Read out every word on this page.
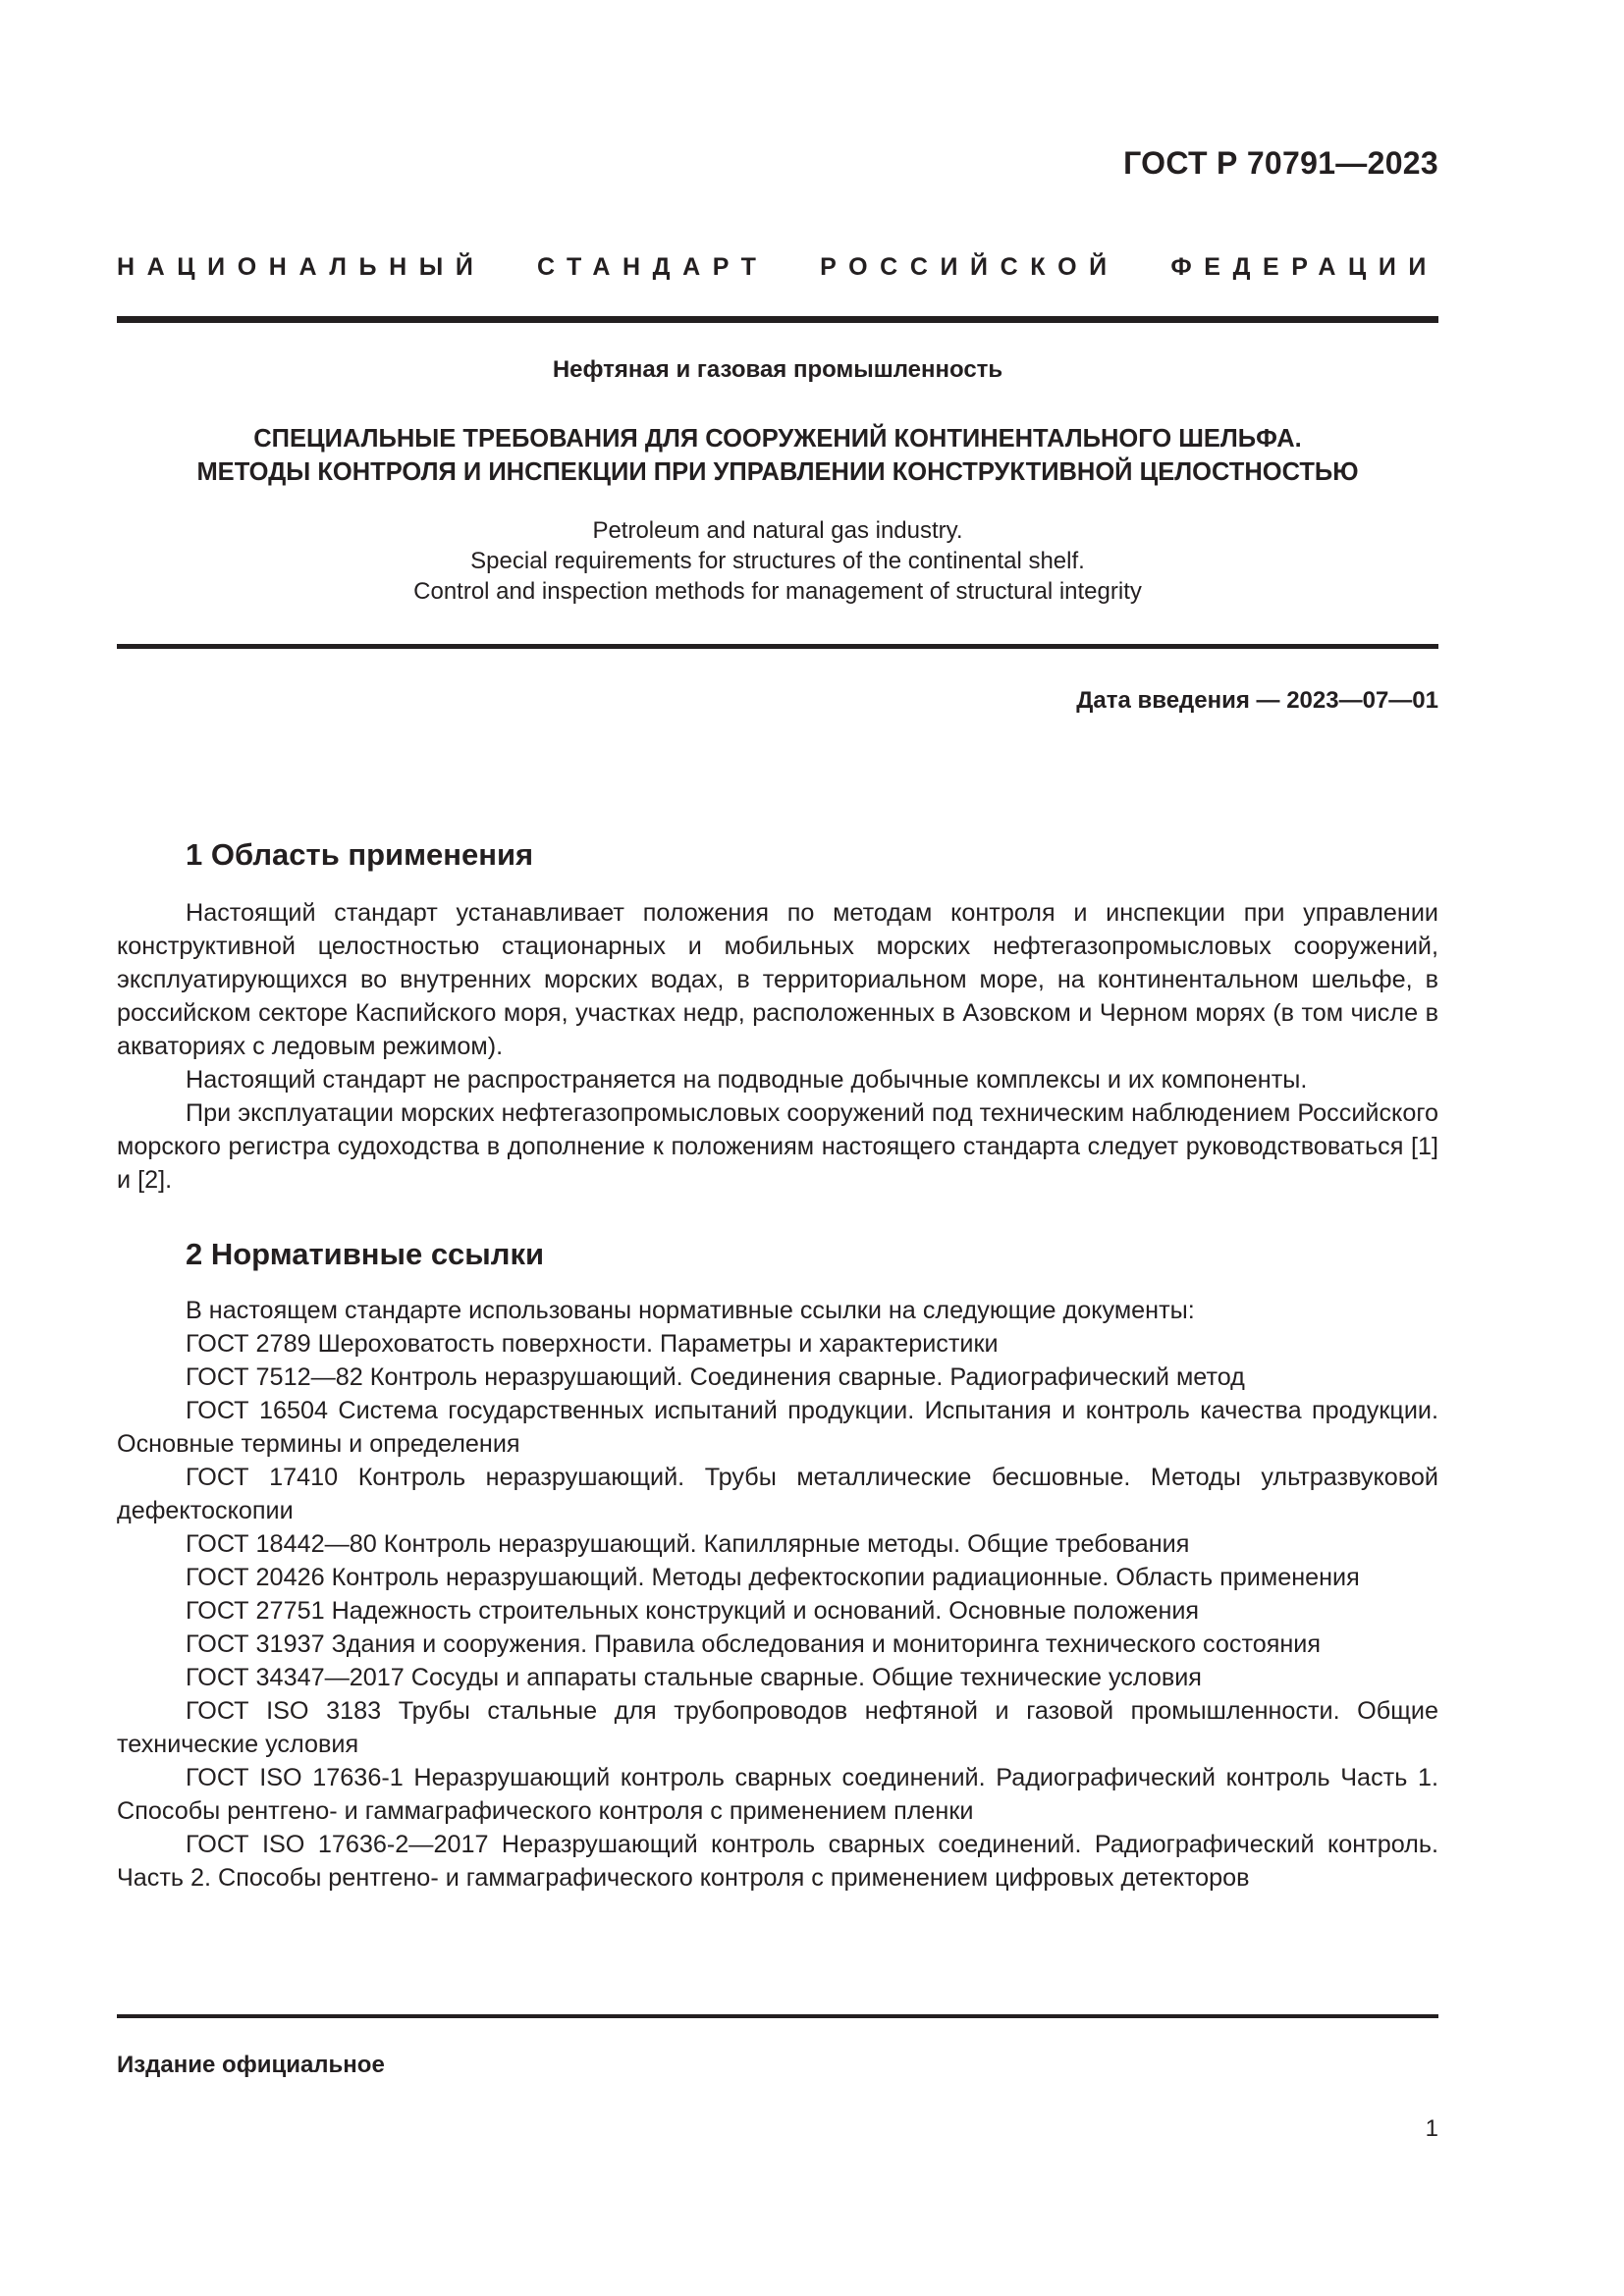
ГОСТ Р 70791—2023
НАЦИОНАЛЬНЫЙ СТАНДАРТ РОССИЙСКОЙ ФЕДЕРАЦИИ
Нефтяная и газовая промышленность
СПЕЦИАЛЬНЫЕ ТРЕБОВАНИЯ ДЛЯ СООРУЖЕНИЙ КОНТИНЕНТАЛЬНОГО ШЕЛЬФА.
МЕТОДЫ КОНТРОЛЯ И ИНСПЕКЦИИ ПРИ УПРАВЛЕНИИ КОНСТРУКТИВНОЙ ЦЕЛОСТНОСТЬЮ
Petroleum and natural gas industry.
Special requirements for structures of the continental shelf.
Control and inspection methods for management of structural integrity
Дата введения — 2023—07—01
1 Область применения

Настоящий стандарт устанавливает положения по методам контроля и инспекции при управлении конструктивной целостностью стационарных и мобильных морских нефтегазопромысловых сооружений, эксплуатирующихся во внутренних морских водах, в территориальном море, на континентальном шельфе, в российском секторе Каспийского моря, участках недр, расположенных в Азовском и Черном морях (в том числе в акваториях с ледовым режимом).

Настоящий стандарт не распространяется на подводные добычные комплексы и их компоненты.

При эксплуатации морских нефтегазопромысловых сооружений под техническим наблюдением Российского морского регистра судоходства в дополнение к положениям настоящего стандарта следует руководствоваться [1] и [2].

2 Нормативные ссылки

В настоящем стандарте использованы нормативные ссылки на следующие документы:

ГОСТ 2789 Шероховатость поверхности. Параметры и характеристики

ГОСТ 7512—82 Контроль неразрушающий. Соединения сварные. Радиографический метод

ГОСТ 16504 Система государственных испытаний продукции. Испытания и контроль качества продукции. Основные термины и определения

ГОСТ 17410 Контроль неразрушающий. Трубы металлические бесшовные. Методы ультразвуковой дефектоскопии

ГОСТ 18442—80 Контроль неразрушающий. Капиллярные методы. Общие требования

ГОСТ 20426 Контроль неразрушающий. Методы дефектоскопии радиационные. Область применения

ГОСТ 27751 Надежность строительных конструкций и оснований. Основные положения

ГОСТ 31937 Здания и сооружения. Правила обследования и мониторинга технического состояния

ГОСТ 34347—2017 Сосуды и аппараты стальные сварные. Общие технические условия

ГОСТ ISO 3183 Трубы стальные для трубопроводов нефтяной и газовой промышленности. Общие технические условия

ГОСТ ISO 17636-1 Неразрушающий контроль сварных соединений. Радиографический контроль Часть 1. Способы рентгено- и гаммаграфического контроля с применением пленки

ГОСТ ISO 17636-2—2017 Неразрушающий контроль сварных соединений. Радиографический контроль. Часть 2. Способы рентгено- и гаммаграфического контроля с применением цифровых детекторов

Издание официальное
1
